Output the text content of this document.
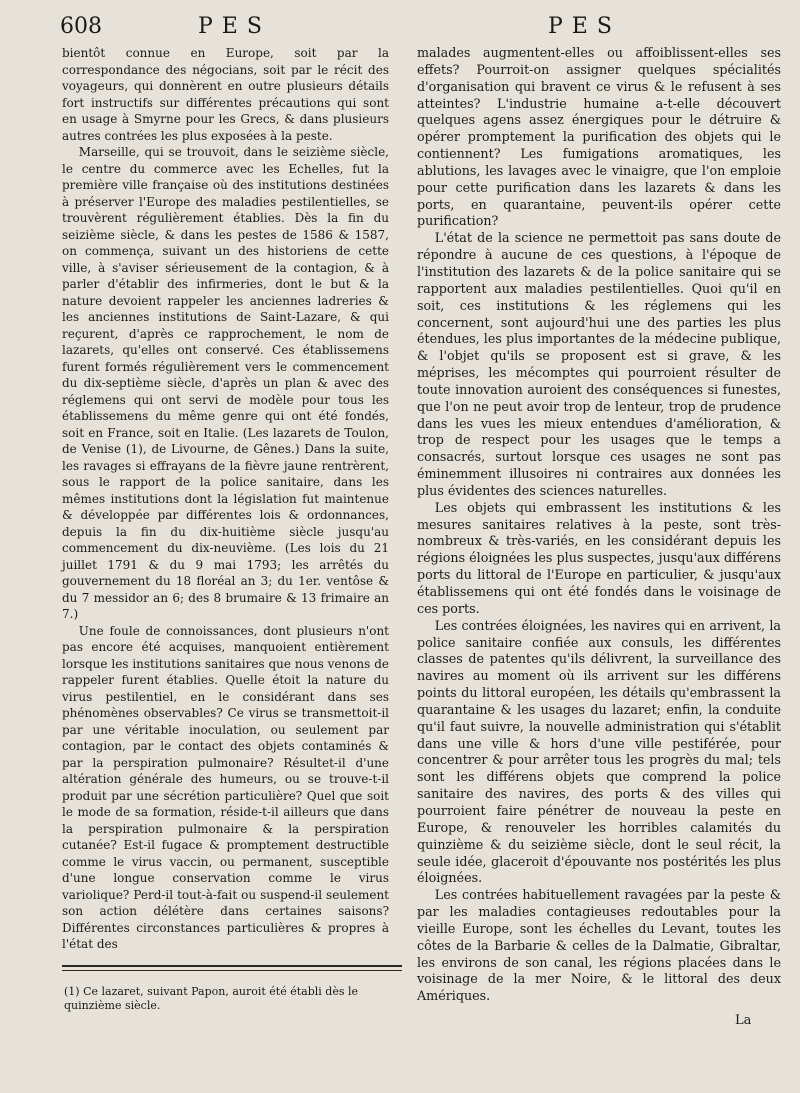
608	PES	PES

bientôt connue en Europe, soit par la correspondance des négocians, soit par le récit des voyageurs, qui donnèrent en outre plusieurs détails fort instructifs sur différentes précautions qui sont en usage à Smyrne pour les Grecs, & dans plusieurs autres contrées les plus exposées à la peste.

Marseille, qui se trouvoit, dans le seizième siècle, le centre du commerce avec les Echelles, fut la première ville française où des institutions destinées à préserver l'Europe des maladies pestilentielles, se trouvèrent régulièrement établies. Dès la fin du seizième siècle, & dans les pestes de 1586 & 1587, on commença, suivant un des historiens de cette ville, à s'aviser sérieusement de la contagion, & à parler d'établir des infirmeries, dont le but & la nature devoient rappeler les anciennes ladreries & les anciennes institutions de Saint-Lazare, & qui reçurent, d'après ce rapprochement, le nom de lazarets, qu'elles ont conservé. Ces établissemens furent formés régulièrement vers le commencement du dix-septième siècle, d'après un plan & avec des réglemens qui ont servi de modèle pour tous les établissemens du même genre qui ont été fondés, soit en France, soit en Italie. (Les lazarets de Toulon, de Venise (1), de Livourne, de Gênes.) Dans la suite, les ravages si effrayans de la fièvre jaune rentrèrent, sous le rapport de la police sanitaire, dans les mêmes institutions dont la législation fut maintenue & développée par différentes lois & ordonnances, depuis la fin du dix-huitième siècle jusqu'au commencement du dix-neuvième. (Les lois du 21 juillet 1791 & du 9 mai 1793; les arrêtés du gouvernement du 18 floréal an 3; du 1er. ventôse & du 7 messidor an 6; des 8 brumaire & 13 frimaire an 7.)

Une foule de connoissances, dont plusieurs n'ont pas encore été acquises, manquoient entièrement lorsque les institutions sanitaires que nous venons de rappeler furent établies. Quelle étoit la nature du virus pestilentiel, en le considérant dans ses phénomènes observables? Ce virus se transmettoit-il par une véritable inoculation, ou seulement par contagion, par le contact des objets contaminés & par la perspiration pulmonaire? Résultet-il d'une altération générale des humeurs, ou se trouve-t-il produit par une sécrétion particulière? Quel que soit le mode de sa formation, réside-t-il ailleurs que dans la perspiration pulmonaire & la perspiration cutanée? Est-il fugace & promptement destructible comme le virus vaccin, ou permanent, susceptible d'une longue conservation comme le virus variolique? Perd-il tout-à-fait ou suspend-il seulement son action délétère dans certaines saisons? Différentes circonstances particulières & propres à l'état des

malades augmentent-elles ou affoiblissent-elles ses effets? Pourroit-on assigner quelques spécialités d'organisation qui bravent ce virus & le refusent à ses atteintes? L'industrie humaine a-t-elle découvert quelques agens assez énergiques pour le détruire & opérer promptement la purification des objets qui le contiennent? Les fumigations aromatiques, les ablutions, les lavages avec le vinaigre, que l'on emploie pour cette purification dans les lazarets & dans les ports, en quarantaine, peuvent-ils opérer cette purification?

L'état de la science ne permettoit pas sans doute de répondre à aucune de ces questions, à l'époque de l'institution des lazarets & de la police sanitaire qui se rapportent aux maladies pestilentielles. Quoi qu'il en soit, ces institutions & les réglemens qui les concernent, sont aujourd'hui une des parties les plus étendues, les plus importantes de la médecine publique, & l'objet qu'ils se proposent est si grave, & les méprises, les mécomptes qui pourroient résulter de toute innovation auroient des conséquences si funestes, que l'on ne peut avoir trop de lenteur, trop de prudence dans les vues les mieux entendues d'amélioration, & trop de respect pour les usages que le temps a consacrés, surtout lorsque ces usages ne sont pas éminemment illusoires ni contraires aux données les plus évidentes des sciences naturelles.

Les objets qui embrassent les institutions & les mesures sanitaires relatives à la peste, sont très-nombreux & très-variés, en les considérant depuis les régions éloignées les plus suspectes, jusqu'aux différens ports du littoral de l'Europe en particulier, & jusqu'aux établissemens qui ont été fondés dans le voisinage de ces ports.

Les contrées éloignées, les navires qui en arrivent, la police sanitaire confiée aux consuls, les différentes classes de patentes qu'ils délivrent, la surveillance des navires au moment où ils arrivent sur les différens points du littoral européen, les détails qu'embrassent la quarantaine & les usages du lazaret; enfin, la conduite qu'il faut suivre, la nouvelle administration qui s'établit dans une ville & hors d'une ville pestiférée, pour concentrer & pour arrêter tous les progrès du mal; tels sont les différens objets que comprend la police sanitaire des navires, des ports & des villes qui pourroient faire pénétrer de nouveau la peste en Europe, & renouveler les horribles calamités du quinzième & du seizième siècle, dont le seul récit, la seule idée, glaceroit d'épouvante nos postérités les plus éloignées.

Les contrées habituellement ravagées par la peste & par les maladies contagieuses redoutables pour la vieille Europe, sont les échelles du Levant, toutes les côtes de la Barbarie & celles de la Dalmatie, Gibraltar, les environs de son canal, les régions placées dans le voisinage de la mer Noire, & le littoral des deux Amériques.

(1) Ce lazaret, suivant Papon, auroit été établi dès le quinzième siècle.
La
